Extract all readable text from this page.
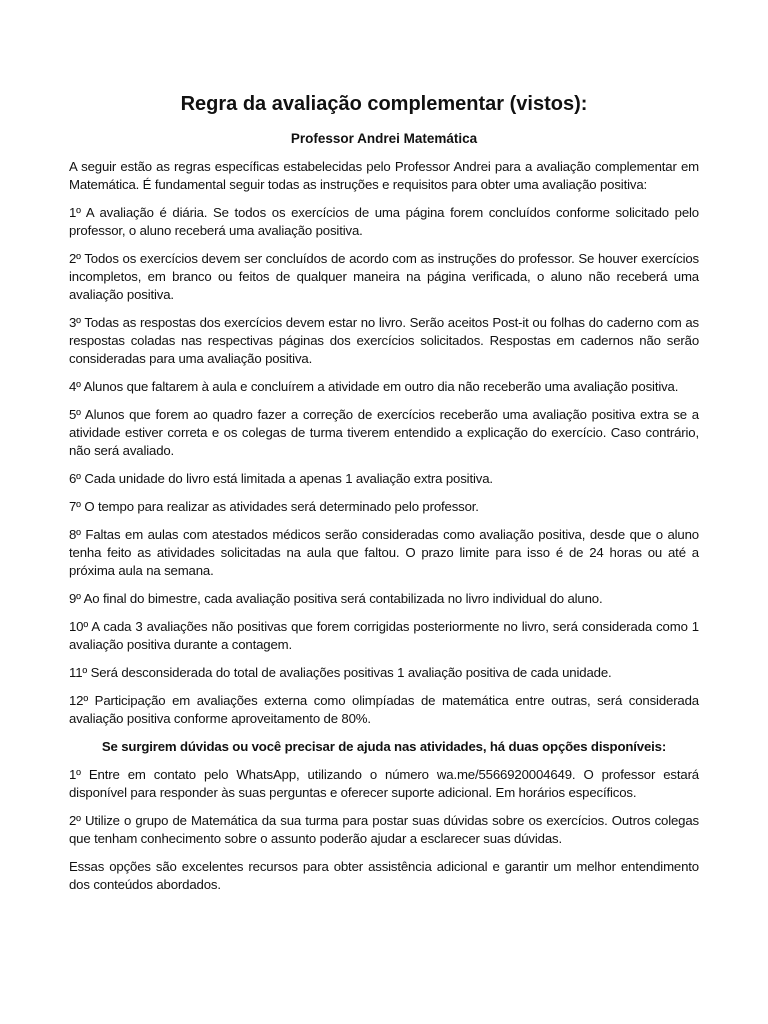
Regra da avaliação complementar (vistos):
Professor Andrei Matemática

A seguir estão as regras específicas estabelecidas pelo Professor Andrei para a avaliação complementar em Matemática. É fundamental seguir todas as instruções e requisitos para obter uma avaliação positiva:

1º A avaliação é diária. Se todos os exercícios de uma página forem concluídos conforme solicitado pelo professor, o aluno receberá uma avaliação positiva.

2º Todos os exercícios devem ser concluídos de acordo com as instruções do professor. Se houver exercícios incompletos, em branco ou feitos de qualquer maneira na página verificada, o aluno não receberá uma avaliação positiva.

3º Todas as respostas dos exercícios devem estar no livro. Serão aceitos Post-it ou folhas do caderno com as respostas coladas nas respectivas páginas dos exercícios solicitados. Respostas em cadernos não serão consideradas para uma avaliação positiva.

4º Alunos que faltarem à aula e concluírem a atividade em outro dia não receberão uma avaliação positiva.

5º Alunos que forem ao quadro fazer a correção de exercícios receberão uma avaliação positiva extra se a atividade estiver correta e os colegas de turma tiverem entendido a explicação do exercício. Caso contrário, não será avaliado.

6º Cada unidade do livro está limitada a apenas 1 avaliação extra positiva.

7º O tempo para realizar as atividades será determinado pelo professor.

8º Faltas em aulas com atestados médicos serão consideradas como avaliação positiva, desde que o aluno tenha feito as atividades solicitadas na aula que faltou. O prazo limite para isso é de 24 horas ou até a próxima aula na semana.

9º Ao final do bimestre, cada avaliação positiva será contabilizada no livro individual do aluno.

10º A cada 3 avaliações não positivas que forem corrigidas posteriormente no livro, será considerada como 1 avaliação positiva durante a contagem.

11º Será desconsiderada do total de avaliações positivas 1 avaliação positiva de cada unidade.

12º Participação em avaliações externa como olimpíadas de matemática entre outras, será considerada avaliação positiva conforme aproveitamento de 80%.

Se surgirem dúvidas ou você precisar de ajuda nas atividades, há duas opções disponíveis:

1º Entre em contato pelo WhatsApp, utilizando o número wa.me/5566920004649. O professor estará disponível para responder às suas perguntas e oferecer suporte adicional. Em horários específicos.

2º Utilize o grupo de Matemática da sua turma para postar suas dúvidas sobre os exercícios. Outros colegas que tenham conhecimento sobre o assunto poderão ajudar a esclarecer suas dúvidas.

Essas opções são excelentes recursos para obter assistência adicional e garantir um melhor entendimento dos conteúdos abordados.
